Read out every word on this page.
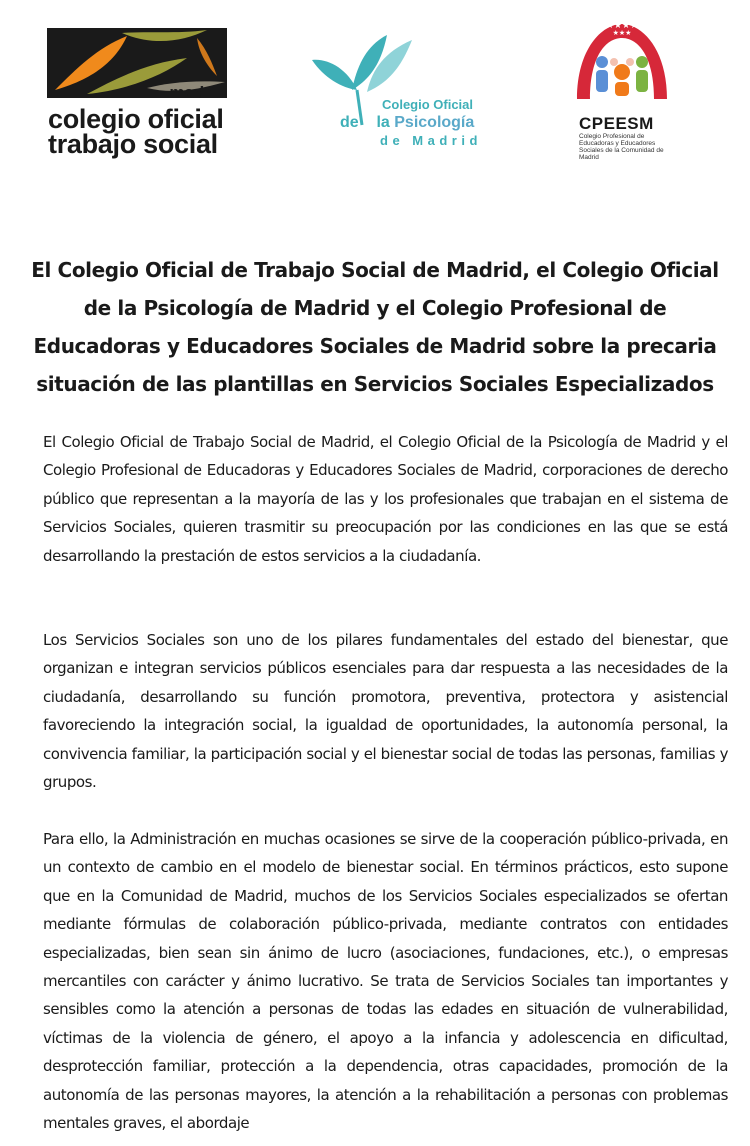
madrid
colegio oficial
trabajo social
Colegio Oficial
de la Psicología
de Madrid
★★★★
★★★
CPEESM
Colegio Profesional de Educadoras y Educadores Sociales de la Comunidad de Madrid
El Colegio Oficial de Trabajo Social de Madrid, el Colegio Oficial de la Psicología de Madrid y el Colegio Profesional de Educadoras y Educadores Sociales de Madrid sobre la precaria situación de las plantillas en Servicios Sociales Especializados
El Colegio Oficial de Trabajo Social de Madrid, el Colegio Oficial de la Psicología de Madrid y el Colegio Profesional de Educadoras y Educadores Sociales de Madrid, corporaciones de derecho público que representan a la mayoría de las y los profesionales que trabajan en el sistema de Servicios Sociales, quieren trasmitir su preocupación por las condiciones en las que se está desarrollando la prestación de estos servicios a la ciudadanía.
Los Servicios Sociales son uno de los pilares fundamentales del estado del bienestar, que organizan e integran servicios públicos esenciales para dar respuesta a las necesidades de la ciudadanía, desarrollando su función promotora, preventiva, protectora y asistencial favoreciendo la integración social, la igualdad de oportunidades, la autonomía personal, la convivencia familiar, la participación social y el bienestar social de todas las personas, familias y grupos.
Para ello, la Administración en muchas ocasiones se sirve de la cooperación público-privada, en un contexto de cambio en el modelo de bienestar social. En términos prácticos, esto supone que en la Comunidad de Madrid, muchos de los Servicios Sociales especializados se ofertan mediante fórmulas de colaboración público-privada, mediante contratos con entidades especializadas, bien sean sin ánimo de lucro (asociaciones, fundaciones, etc.), o empresas mercantiles con carácter y ánimo lucrativo. Se trata de Servicios Sociales tan importantes y sensibles como la atención a personas de todas las edades en situación de vulnerabilidad, víctimas de la violencia de género, el apoyo a la infancia y adolescencia en dificultad, desprotección familiar, protección a la dependencia, otras capacidades, promoción de la autonomía de las personas mayores, la atención a la rehabilitación a personas con problemas mentales graves, el abordaje
